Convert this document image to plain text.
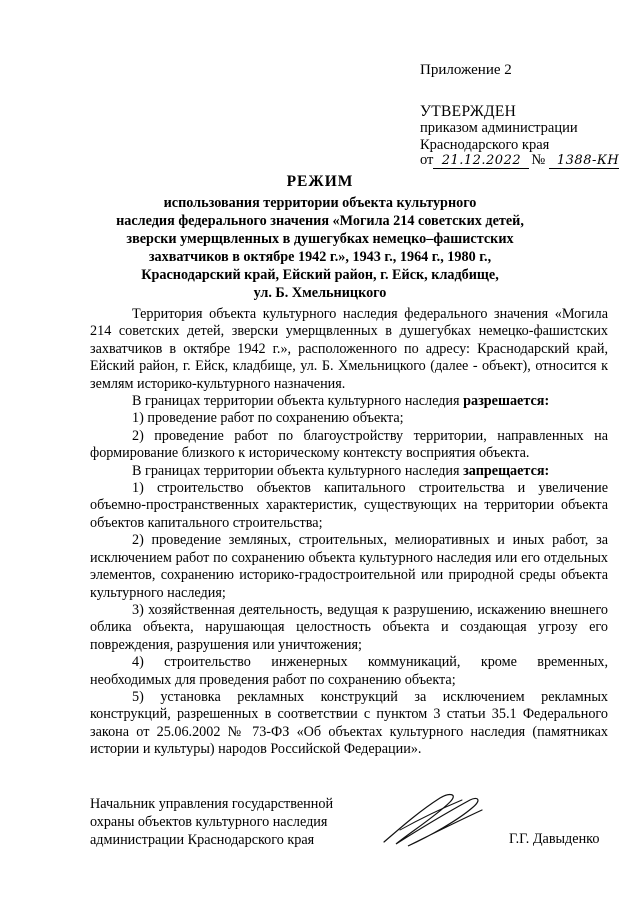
Приложение 2
УТВЕРЖДЕН
приказом администрации
Краснодарского края
от 21.12.2022 № 1388-КН
РЕЖИМ
использования территории объекта культурного
наследия федерального значения «Могила 214 советских детей,
зверски умерщвленных в душегубках немецко–фашистских
захватчиков в октябре 1942 г.», 1943 г., 1964 г., 1980 г.,
Краснодарский край, Ейский район, г. Ейск, кладбище,
ул. Б. Хмельницкого

Территория объекта культурного наследия федерального значения «Могила 214 советских детей, зверски умерщвленных в душегубках немецко-фашистских захватчиков в октябре 1942 г.», расположенного по адресу: Краснодарский край, Ейский район, г. Ейск, кладбище, ул. Б. Хмельницкого (далее - объект), относится к землям историко-культурного назначения.

В границах территории объекта культурного наследия разрешается:

1) проведение работ по сохранению объекта;

2) проведение работ по благоустройству территории, направленных на формирование близкого к историческому контексту восприятия объекта.

В границах территории объекта культурного наследия запрещается:

1) строительство объектов капитального строительства и увеличение объемно-пространственных характеристик, существующих на территории объекта объектов капитального строительства;

2) проведение земляных, строительных, мелиоративных и иных работ, за исключением работ по сохранению объекта культурного наследия или его отдельных элементов, сохранению историко-градостроительной или природной среды объекта культурного наследия;

3) хозяйственная деятельность, ведущая к разрушению, искажению внешнего облика объекта, нарушающая целостность объекта и создающая угрозу его повреждения, разрушения или уничтожения;

4) строительство инженерных коммуникаций, кроме временных, необходимых для проведения работ по сохранению объекта;

5) установка рекламных конструкций за исключением рекламных конструкций, разрешенных в соответствии с пунктом 3 статьи 35.1 Федерального закона от 25.06.2002 № 73-ФЗ «Об объектах культурного наследия (памятниках истории и культуры) народов Российской Федерации».

Начальник управления государственной
охраны объектов культурного наследия
администрации Краснодарского края	Г.Г. Давыденко
